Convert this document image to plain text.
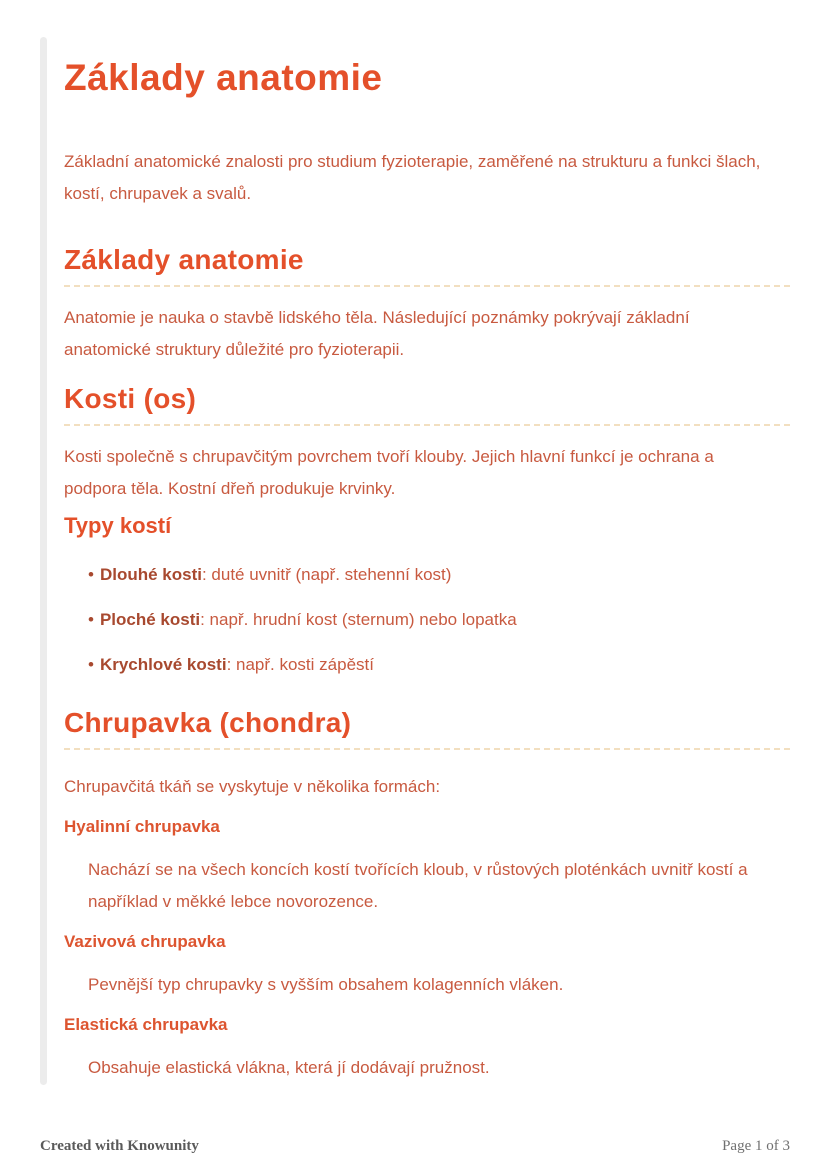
Základy anatomie

Základní anatomické znalosti pro studium fyzioterapie, zaměřené na strukturu a funkci šlach, kostí, chrupavek a svalů.

Základy anatomie

Anatomie je nauka o stavbě lidského těla. Následující poznámky pokrývají základní anatomické struktury důležité pro fyzioterapii.

Kosti (os)

Kosti společně s chrupavčitým povrchem tvoří klouby. Jejich hlavní funkcí je ochrana a podpora těla. Kostní dřeň produkuje krvinky.

Typy kostí
• Dlouhé kosti: duté uvnitř (např. stehenní kost)
• Ploché kosti: např. hrudní kost (sternum) nebo lopatka
• Krychlové kosti: např. kosti zápěstí
Chrupavka (chondra)

Chrupavčitá tkáň se vyskytuje v několika formách:

Hyalinní chrupavka

Nachází se na všech koncích kostí tvořících kloub, v růstových ploténkách uvnitř kostí a například v měkké lebce novorozence.

Vazivová chrupavka

Pevnější typ chrupavky s vyšším obsahem kolagenních vláken.

Elastická chrupavka

Obsahuje elastická vlákna, která jí dodávají pružnost.

Created with Knowunity	Page 1 of 3
